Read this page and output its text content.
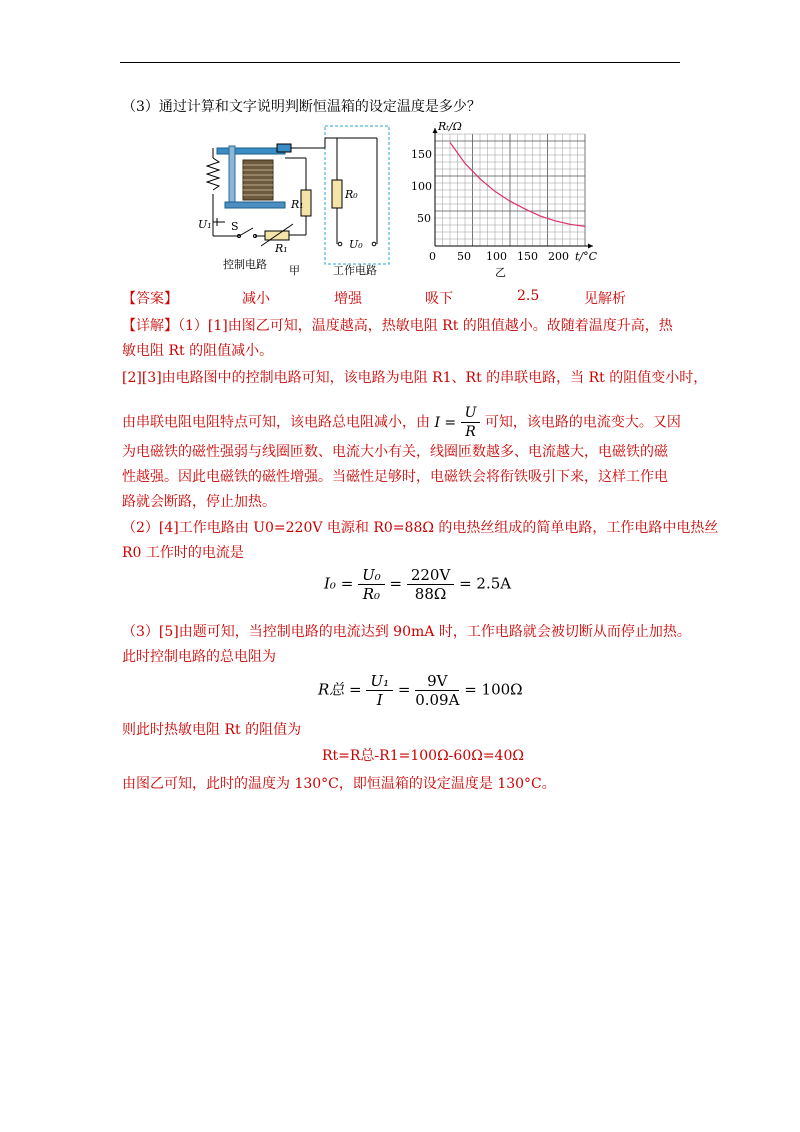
（3）通过计算和文字说明判断恒温箱的设定温度是多少？
U₁ S
R₁
R₁
R₀
U₀
控制电路 甲	工作电路
Rₜ/Ω
t/°C
150
100
50
0 50 100 150 200
乙
【答案】	减小	增强	吸下	2.5	见解析
【详解】（1）[1]由图乙可知，温度越高，热敏电阻 Rt 的阻值越小。故随着温度升高，热
敏电阻 Rt 的阻值减小。
[2][3]由电路图中的控制电路可知，该电路为电阻 R1、Rt 的串联电路，当 Rt 的阻值变小时，
由串联电阻电阻特点可知，该电路总电阻减小，由 $I = \frac{U}{R}$ 可知，该电路的电流变大。又因
为电磁铁的磁性强弱与线圈匝数、电流大小有关，线圈匝数越多、电流越大，电磁铁的磁
性越强。因此电磁铁的磁性增强。当磁性足够时，电磁铁会将衔铁吸引下来，这样工作电
路就会断路，停止加热。
（2）[4]工作电路由 U0=220V 电源和 R0=88Ω 的电热丝组成的简单电路，工作电路中电热丝
R0 工作时的电流是
$I_0 = \frac{\text{U₀}}{\text{R₀}} = \frac{220V}{88\Omega} = 2.5A$
（3）[5]由题可知，当控制电路的电流达到 90mA 时，工作电路就会被切断从而停止加热。
此时控制电路的总电阻为
R总 = $\frac{\text{U₁}}{I} = \frac{9V}{0.09A} = 100\Omega$
则此时热敏电阻 Rt 的阻值为
Rt=R总-R1=100Ω-60Ω=40Ω
由图乙可知，此时的温度为 130°C，即恒温箱的设定温度是 130°C。
